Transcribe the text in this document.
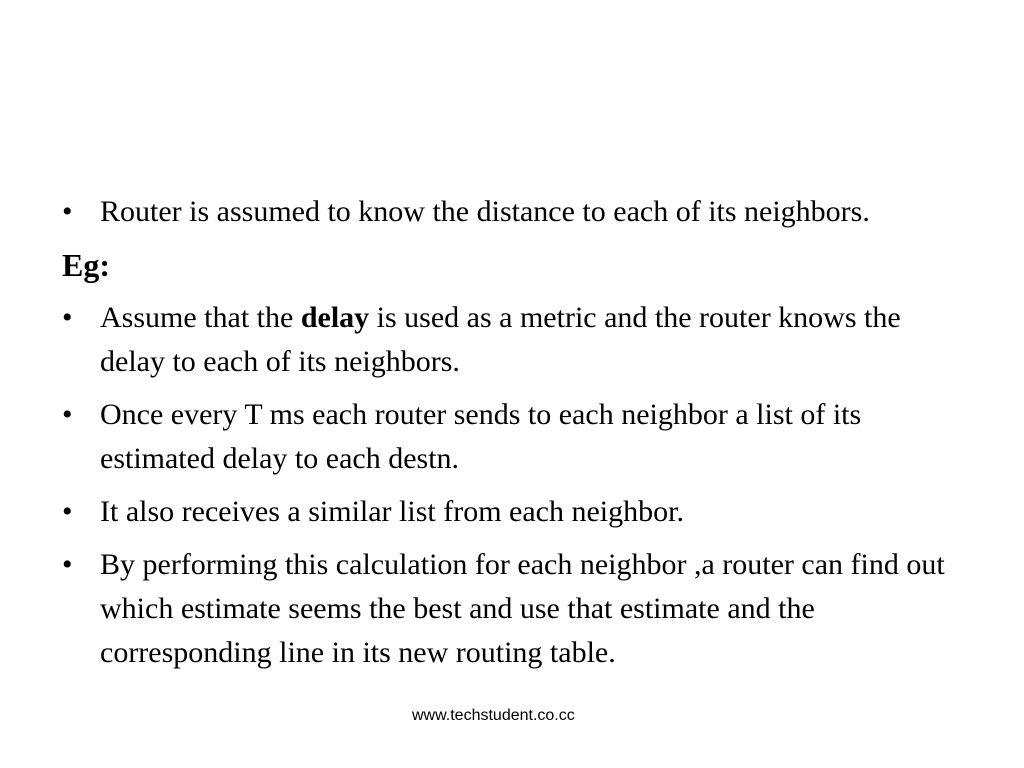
• Router is assumed to know the distance to each of its neighbors.
Eg:
• Assume that the delay is used as a metric and the router knows the delay to each of its neighbors.
• Once every T ms each router sends to each neighbor a list of its estimated delay to each destn.
• It also receives a similar list from each neighbor.
• By performing this calculation for each neighbor ,a router can find out which estimate seems the best and use that estimate and the corresponding line in its new routing table.
www.techstudent.co.cc
